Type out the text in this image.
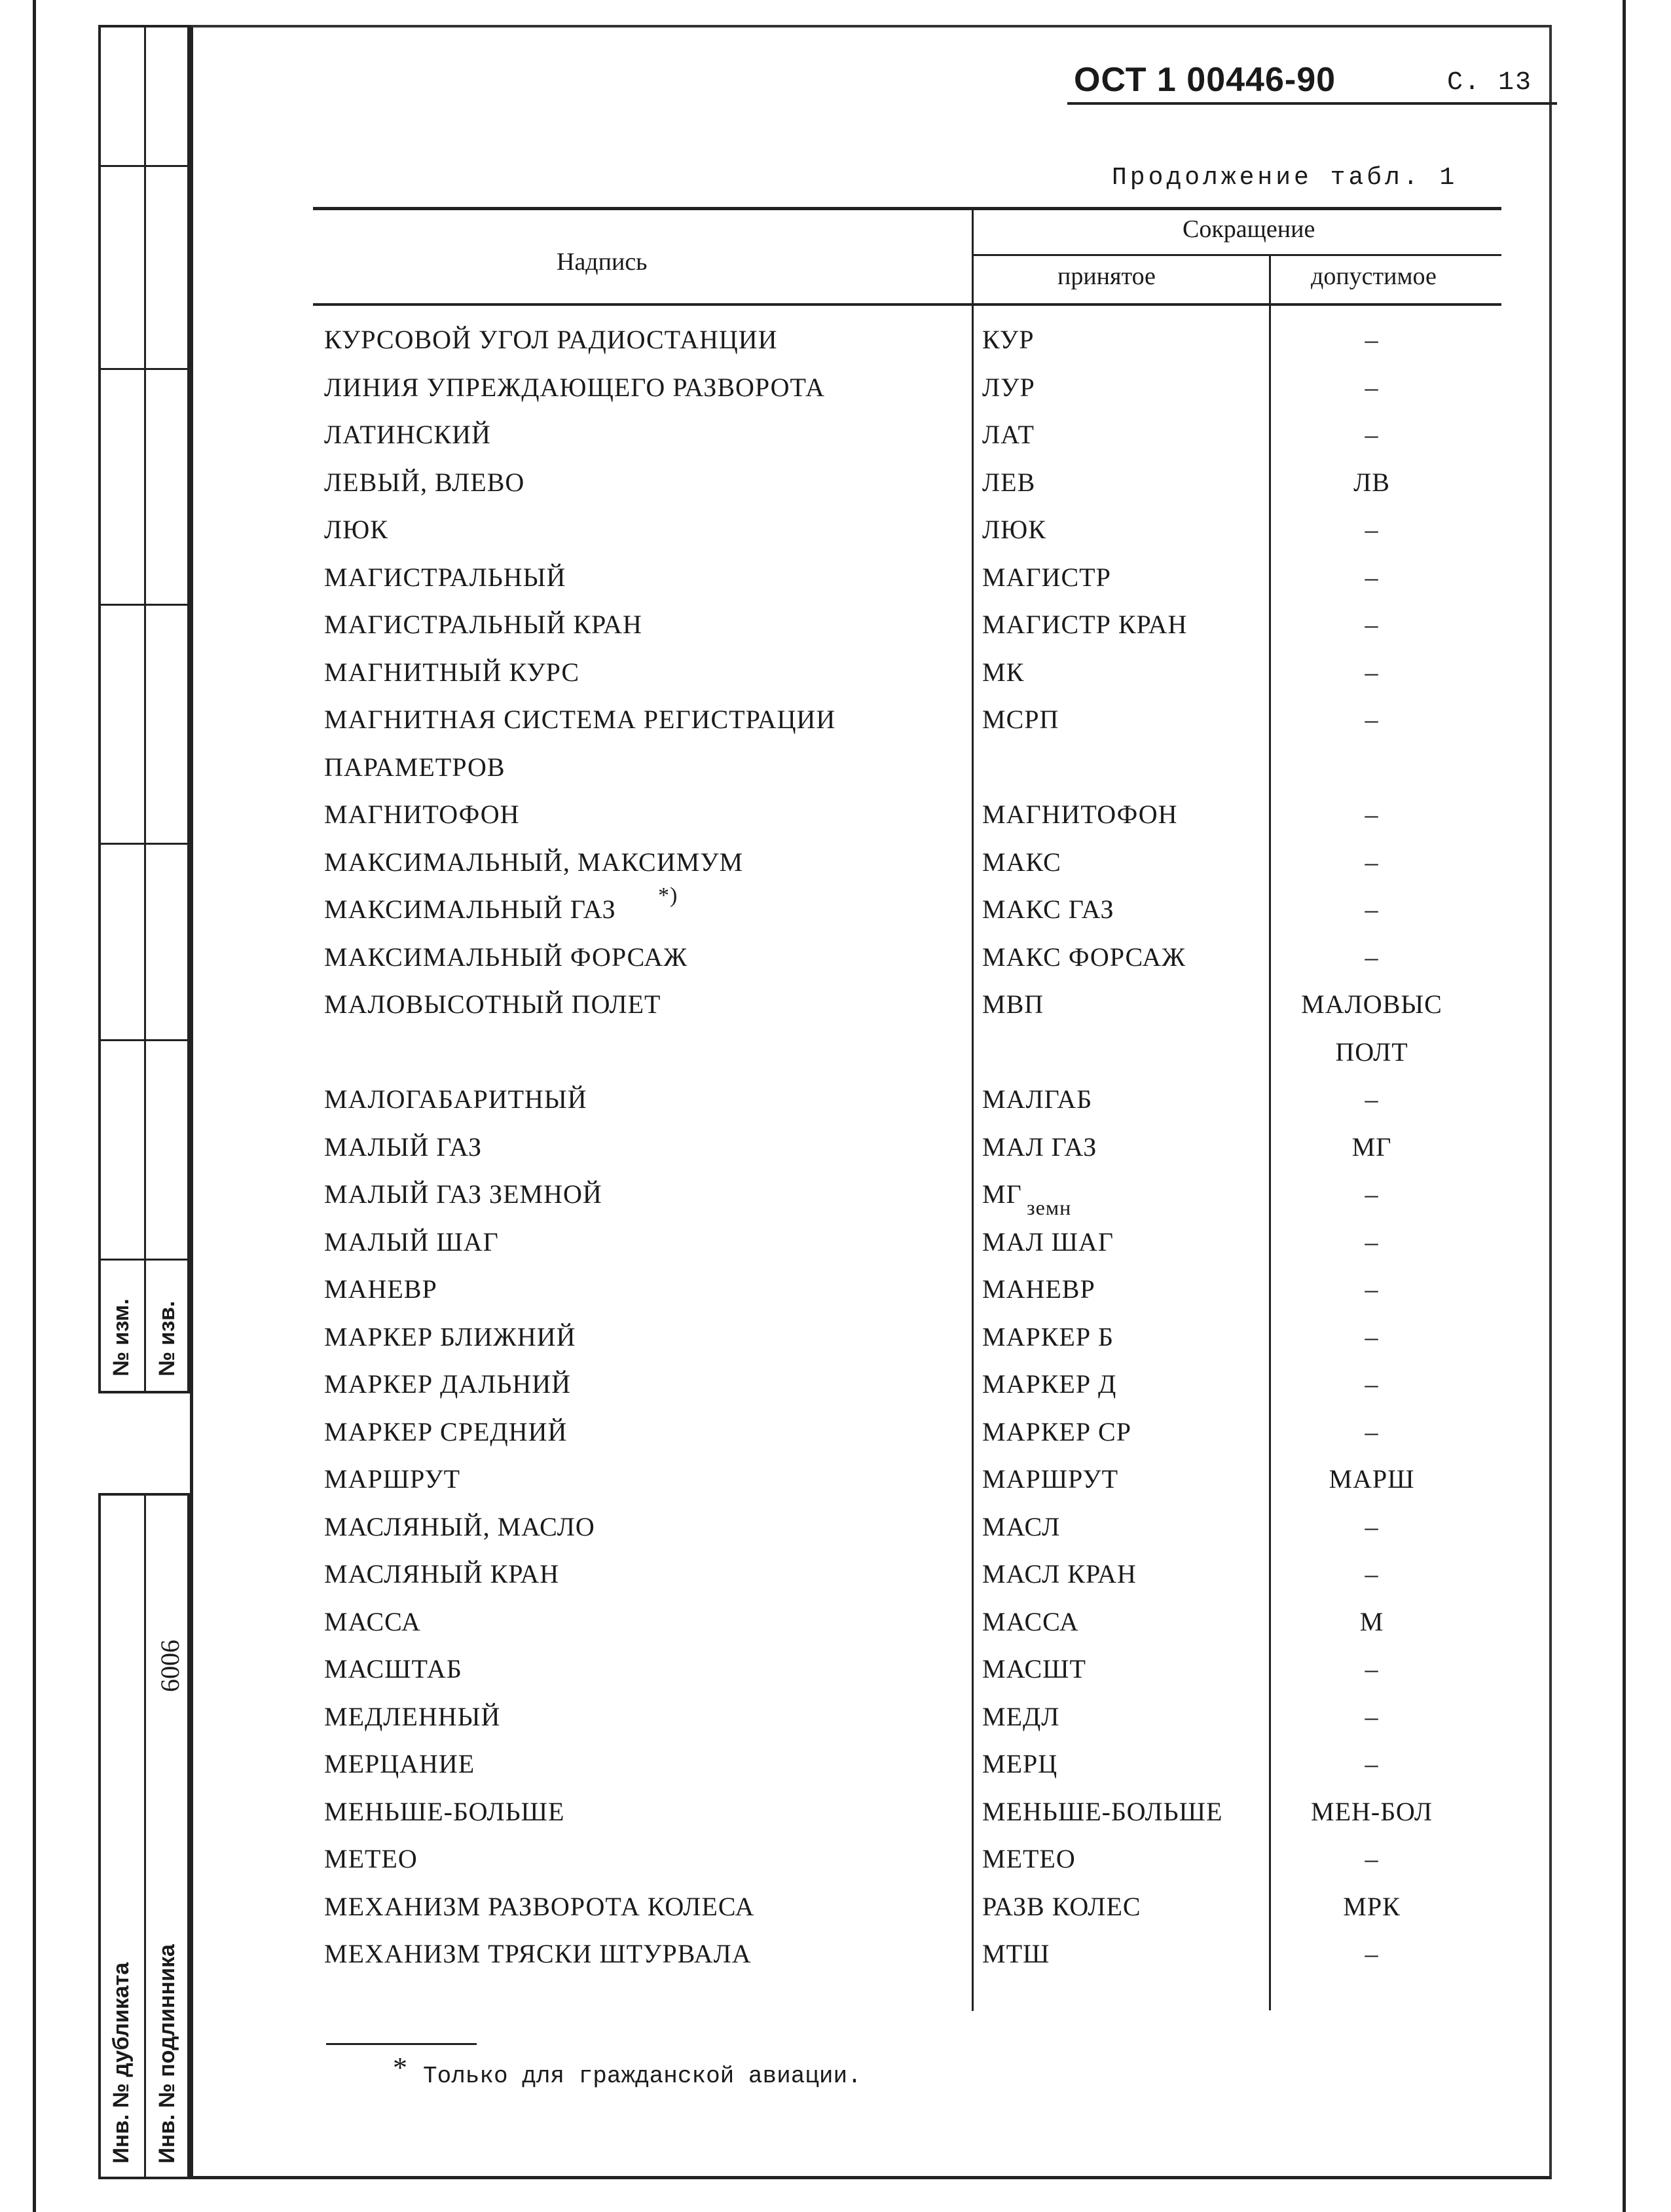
№ изм. № изв.
Инв. № дубликата Инв. № подлинника
6006
ОСТ 1 00446-90	С. 13
Продолжение табл. 1
Надпись
Сокращение
принятое	допустимое
КУРСОВОЙ УГОЛ РАДИОСТАНЦИИ	КУР	–
ЛИНИЯ УПРЕЖДАЮЩЕГО РАЗВОРОТА	ЛУР	–
ЛАТИНСКИЙ	ЛАТ	–
ЛЕВЫЙ, ВЛЕВО	ЛЕВ	ЛВ
ЛЮК	ЛЮК	–
МАГИСТРАЛЬНЫЙ	МАГИСТР	–
МАГИСТРАЛЬНЫЙ КРАН	МАГИСТР КРАН	–
МАГНИТНЫЙ КУРС	МК	–
МАГНИТНАЯ СИСТЕМА РЕГИСТРАЦИИ	МСРП	–
ПАРАМЕТРОВ
МАГНИТОФОН	МАГНИТОФОН	–
МАКСИМАЛЬНЫЙ, МАКСИМУМ	МАКС	–
МАКСИМАЛЬНЫЙ ГАЗ	МАКС ГАЗ	–
МАКСИМАЛЬНЫЙ ФОРСАЖ	МАКС ФОРСАЖ	–
МАЛОВЫСОТНЫЙ ПОЛЕТ	МВП	МАЛОВЫС
ПОЛТ
МАЛОГАБАРИТНЫЙ	МАЛГАБ	–
МАЛЫЙ ГАЗ	МАЛ ГАЗ	МГ
МАЛЫЙ ГАЗ ЗЕМНОЙ	МГ	–
МАЛЫЙ ШАГ	МАЛ ШАГ	–
МАНЕВР	МАНЕВР	–
МАРКЕР БЛИЖНИЙ	МАРКЕР Б	–
МАРКЕР ДАЛЬНИЙ	МАРКЕР Д	–
МАРКЕР СРЕДНИЙ	МАРКЕР СР	–
МАРШРУТ	МАРШРУТ	МАРШ
МАСЛЯНЫЙ, МАСЛО	МАСЛ	–
МАСЛЯНЫЙ КРАН	МАСЛ КРАН	–
МАССА	МАССА	М
МАСШТАБ	МАСШТ	–
МЕДЛЕННЫЙ	МЕДЛ	–
МЕРЦАНИЕ	МЕРЦ	–
МЕНЬШЕ-БОЛЬШЕ	МЕНЬШЕ-БОЛЬШЕ	МЕН-БОЛ
МЕТЕО	МЕТЕО	–
МЕХАНИЗМ РАЗВОРОТА КОЛЕСА	РАЗВ КОЛЕС	МРК
МЕХАНИЗМ ТРЯСКИ ШТУРВАЛА	МТШ	–
*)
земн
* Только для гражданской авиации.
